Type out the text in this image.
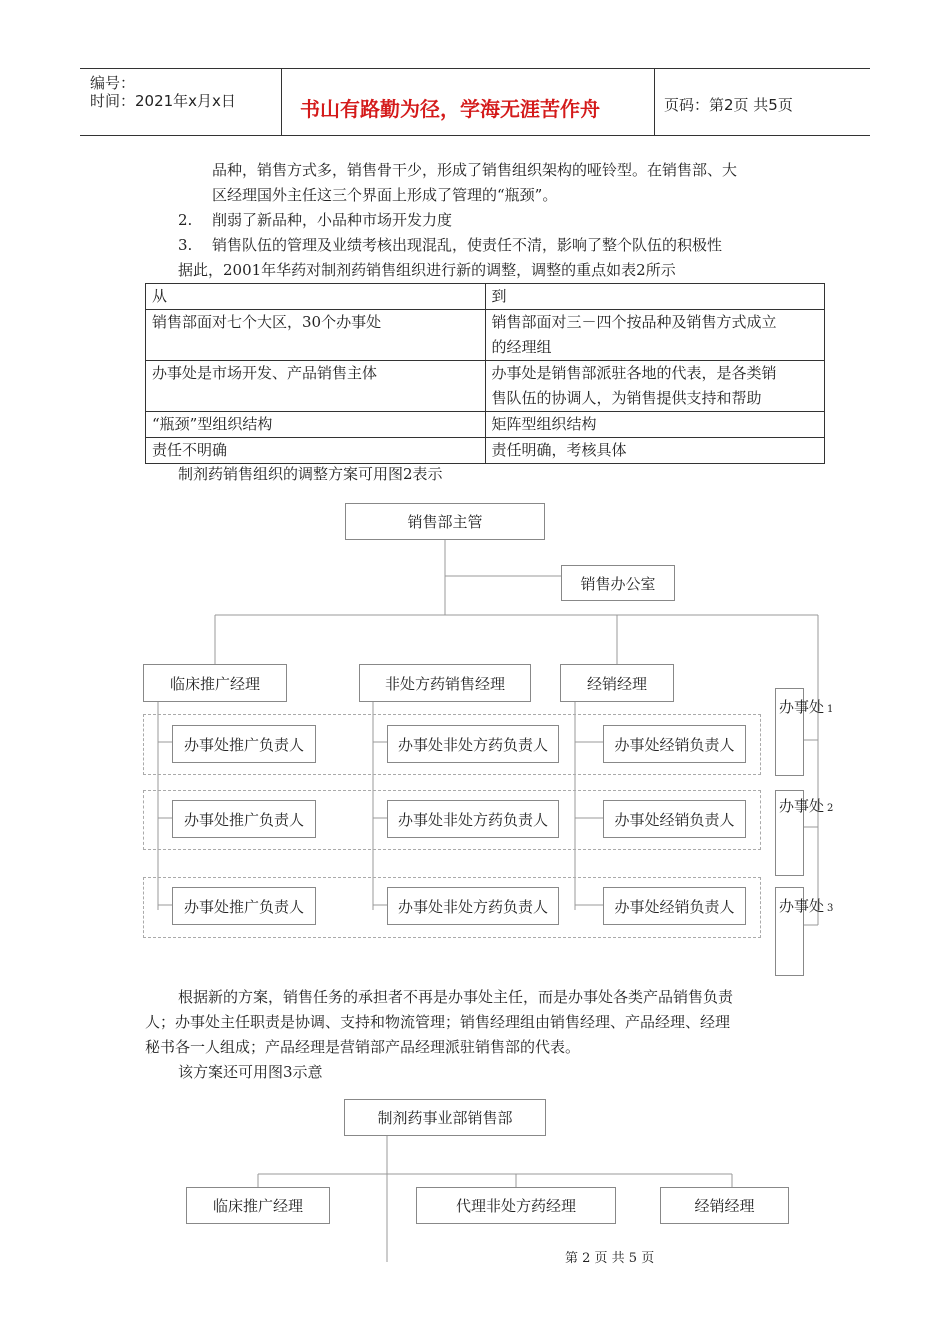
编号：
时间：2021年x月x日	书山有路勤为径，学海无涯苦作舟	页码：第2页 共5页
品种，销售方式多，销售骨干少，形成了销售组织架构的哑铃型。在销售部、大
区经理国外主任这三个界面上形成了管理的“瓶颈”。
2. 削弱了新品种，小品种市场开发力度
3. 销售队伍的管理及业绩考核出现混乱，使责任不清，影响了整个队伍的积极性
据此，2001年华药对制剂药销售组织进行新的调整，调整的重点如表2所示
从	到
销售部面对七个大区，30个办事处	销售部面对三－四个按品种及销售方式成立
的经理组

办事处是市场开发、产品销售主体	办事处是销售部派驻各地的代表，是各类销
售队伍的协调人，为销售提供支持和帮助

“瓶颈”型组织结构	矩阵型组织结构
责任不明确	责任明确，考核具体
制剂药销售组织的调整方案可用图2表示
销售部主管
销售办公室
临床推广经理	非处方药销售经理	经销经理
办事处推广负责人	办事处非处方药负责人	办事处经销负责人
办事处推广负责人	办事处非处方药负责人	办事处经销负责人
办事处推广负责人	办事处非处方药负责人	办事处经销负责人
办事处 1
办事处 2
办事处 3
根据新的方案，销售任务的承担者不再是办事处主任，而是办事处各类产品销售负责
人；办事处主任职责是协调、支持和物流管理；销售经理组由销售经理、产品经理、经理
秘书各一人组成；产品经理是营销部产品经理派驻销售部的代表。
该方案还可用图3示意
制剂药事业部销售部
临床推广经理	代理非处方药经理	经销经理
第 2 页 共 5 页
